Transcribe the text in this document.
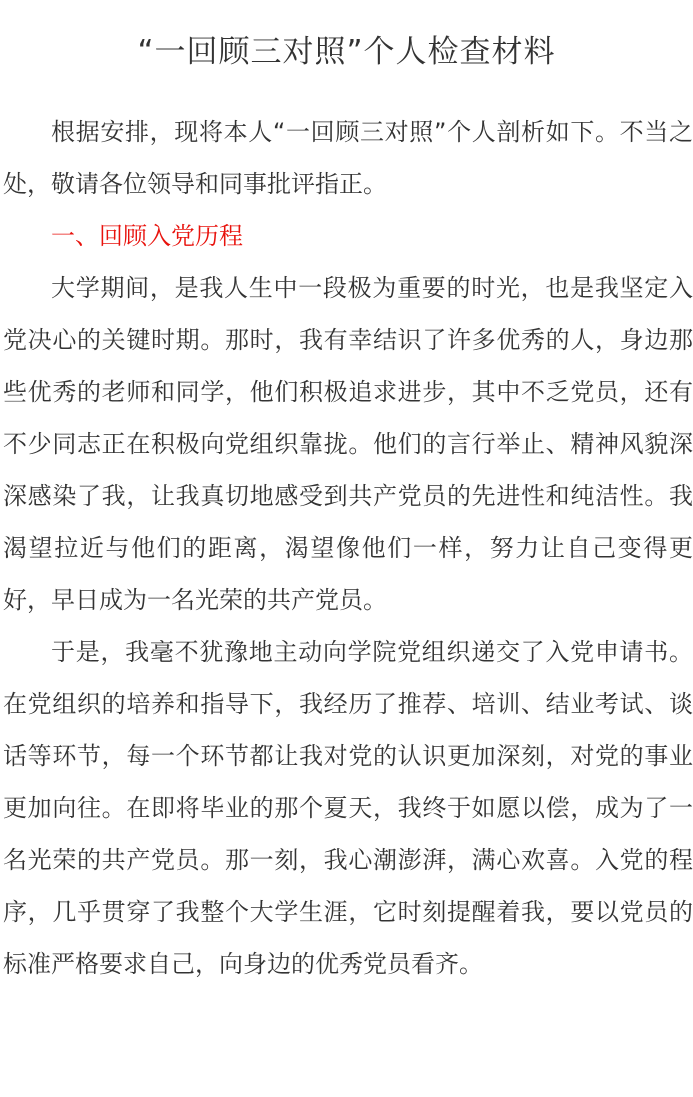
“一回顾三对照”个人检查材料

根据安排，现将本人“一回顾三对照”个人剖析如下。不当之处，敬请各位领导和同事批评指正。

一、回顾入党历程

大学期间，是我人生中一段极为重要的时光，也是我坚定入党决心的关键时期。那时，我有幸结识了许多优秀的人，身边那些优秀的老师和同学，他们积极追求进步，其中不乏党员，还有不少同志正在积极向党组织靠拢。他们的言行举止、精神风貌深深感染了我，让我真切地感受到共产党员的先进性和纯洁性。我渴望拉近与他们的距离，渴望像他们一样，努力让自己变得更好，早日成为一名光荣的共产党员。

于是，我毫不犹豫地主动向学院党组织递交了入党申请书。在党组织的培养和指导下，我经历了推荐、培训、结业考试、谈话等环节，每一个环节都让我对党的认识更加深刻，对党的事业更加向往。在即将毕业的那个夏天，我终于如愿以偿，成为了一名光荣的共产党员。那一刻，我心潮澎湃，满心欢喜。入党的程序，几乎贯穿了我整个大学生涯，它时刻提醒着我，要以党员的标准严格要求自己，向身边的优秀党员看齐。
